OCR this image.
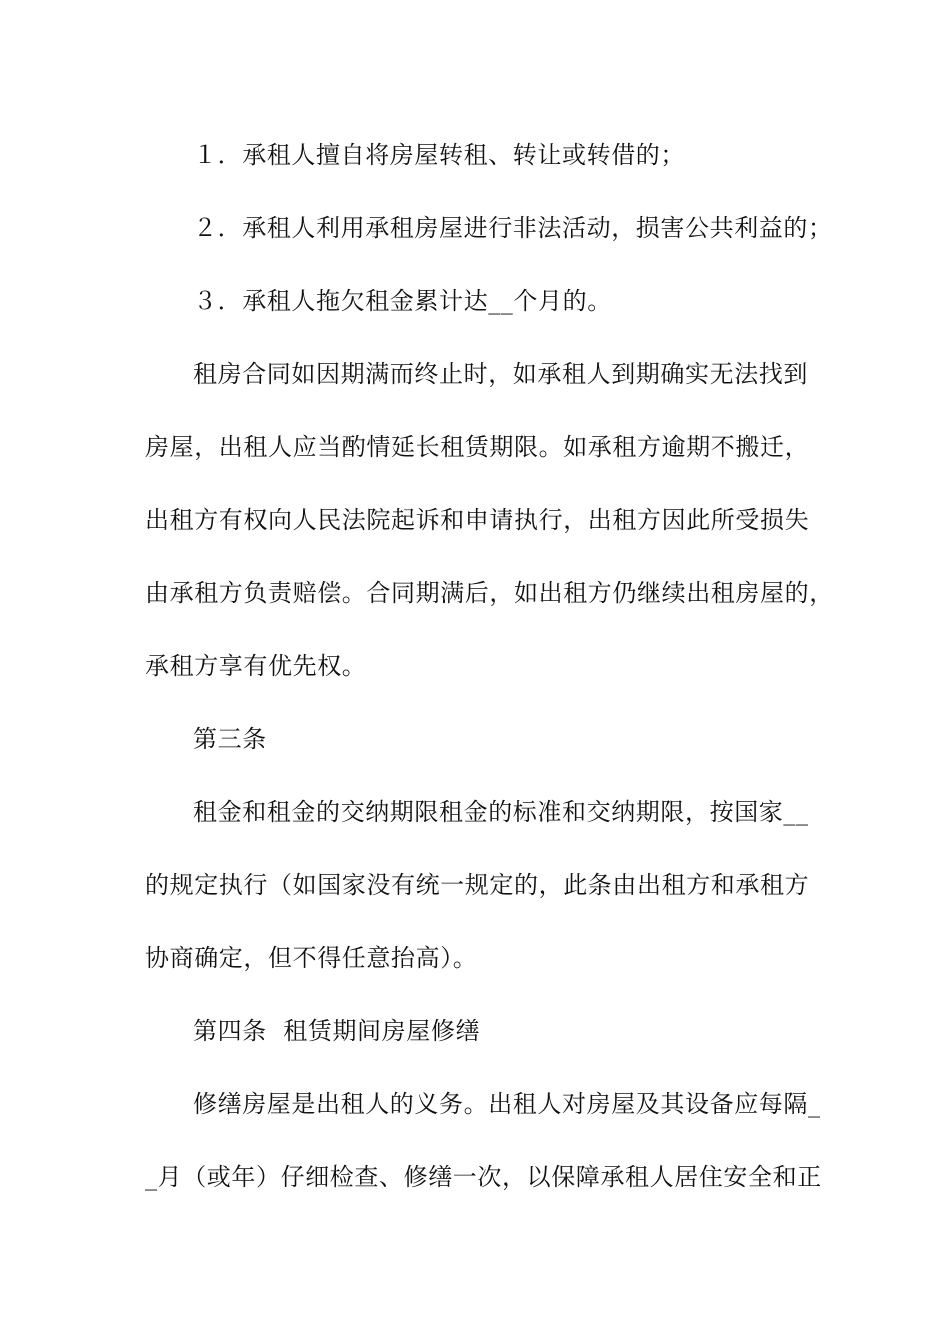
１．承租人擅自将房屋转租、转让或转借的；
２．承租人利用承租房屋进行非法活动，损害公共利益的；
３．承租人拖欠租金累计达__个月的。
租房合同如因期满而终止时，如承租人到期确实无法找到
房屋，出租人应当酌情延长租赁期限。如承租方逾期不搬迁，
出租方有权向人民法院起诉和申请执行，出租方因此所受损失
由承租方负责赔偿。合同期满后，如出租方仍继续出租房屋的，
承租方享有优先权。
第三条
租金和租金的交纳期限租金的标准和交纳期限，按国家__
的规定执行（如国家没有统一规定的，此条由出租方和承租方
协商确定，但不得任意抬高）。
第四条  租赁期间房屋修缮
修缮房屋是出租人的义务。出租人对房屋及其设备应每隔_
_月（或年）仔细检查、修缮一次，以保障承租人居住安全和正
